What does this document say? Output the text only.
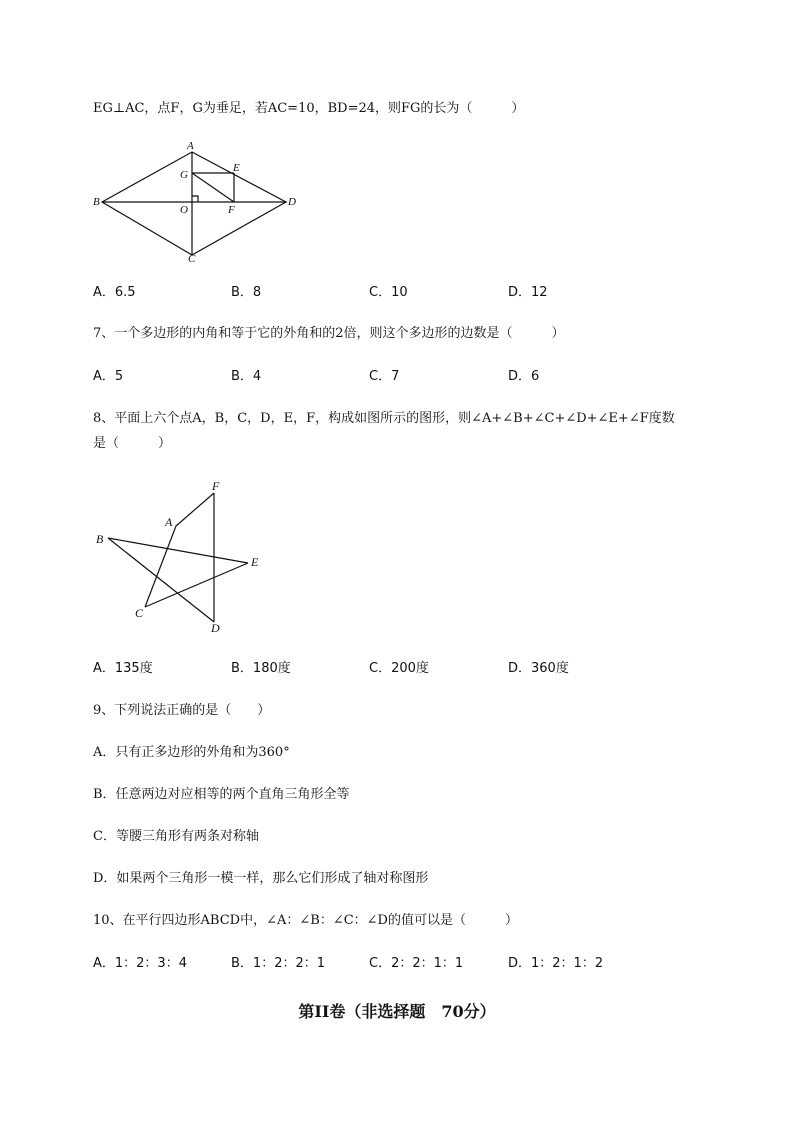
EG⊥AC，点F，G为垂足，若AC=10，BD=24，则FG的长为（　　　）
A
B
C
D
E
F
G
O
A．6.5	B．8	C．10	D．12
7、一个多边形的内角和等于它的外角和的2倍，则这个多边形的边数是（　　　）
A．5	B．4	C．7	D．6
8、平面上六个点A，B，C，D，E，F，构成如图所示的图形，则∠A+∠B+∠C+∠D+∠E+∠F度数
是（　　　）
A
B
C
D
E
F
A．135度	B．180度	C．200度	D．360度
9、下列说法正确的是（　　）
A．只有正多边形的外角和为360°
B．任意两边对应相等的两个直角三角形全等
C．等腰三角形有两条对称轴
D．如果两个三角形一模一样，那么它们形成了轴对称图形
10、在平行四边形ABCD中，∠A：∠B：∠C：∠D的值可以是（　　　）
A．1：2：3：4	B．1：2：2：1	C．2：2：1：1	D．1：2：1：2
第II卷（非选择题　70分）
